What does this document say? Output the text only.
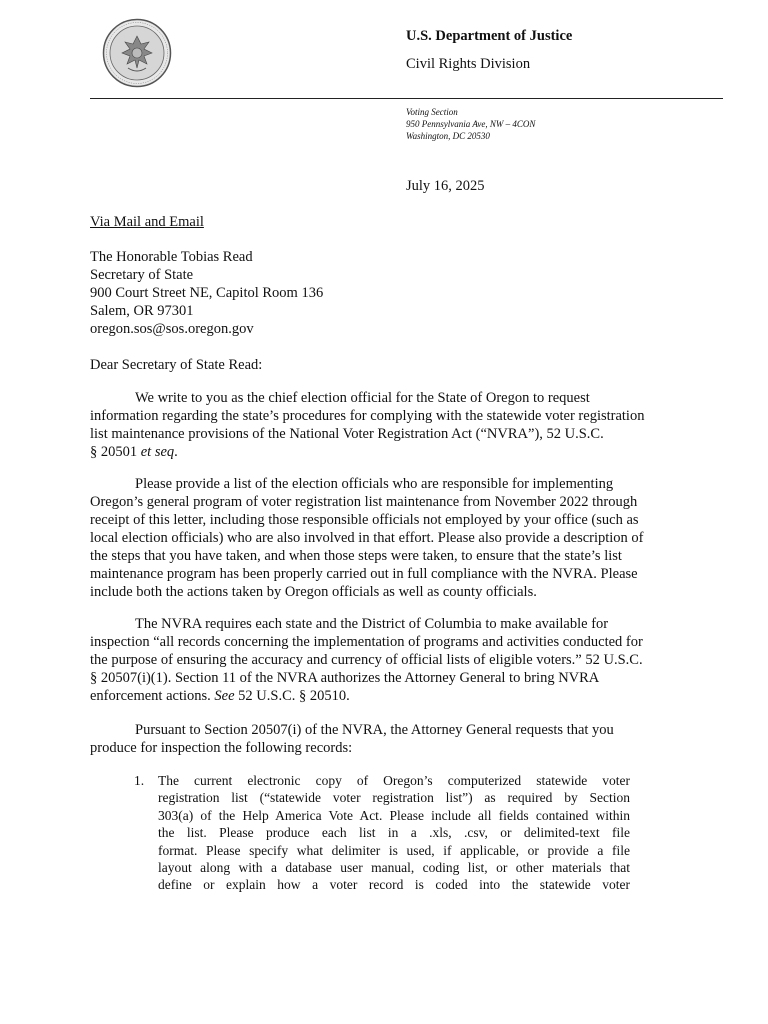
U.S. Department of Justice
Civil Rights Division
Voting Section
950 Pennsylvania Ave, NW – 4CON
Washington, DC 20530
July 16, 2025
Via Mail and Email
The Honorable Tobias Read
Secretary of State
900 Court Street NE, Capitol Room 136
Salem, OR 97301
oregon.sos@sos.oregon.gov
Dear Secretary of State Read:
We write to you as the chief election official for the State of Oregon to request
information regarding the state’s procedures for complying with the statewide voter registration
list maintenance provisions of the National Voter Registration Act (“NVRA”), 52 U.S.C.
§ 20501 et seq.
Please provide a list of the election officials who are responsible for implementing
Oregon’s general program of voter registration list maintenance from November 2022 through
receipt of this letter, including those responsible officials not employed by your office (such as
local election officials) who are also involved in that effort. Please also provide a description of
the steps that you have taken, and when those steps were taken, to ensure that the state’s list
maintenance program has been properly carried out in full compliance with the NVRA. Please
include both the actions taken by Oregon officials as well as county officials.
The NVRA requires each state and the District of Columbia to make available for
inspection “all records concerning the implementation of programs and activities conducted for
the purpose of ensuring the accuracy and currency of official lists of eligible voters.” 52 U.S.C.
§ 20507(i)(1). Section 11 of the NVRA authorizes the Attorney General to bring NVRA
enforcement actions. See 52 U.S.C. § 20510.
Pursuant to Section 20507(i) of the NVRA, the Attorney General requests that you
produce for inspection the following records:
1. The current electronic copy of Oregon’s computerized statewide voter
registration list (“statewide voter registration list”) as required by Section
303(a) of the Help America Vote Act. Please include all fields contained within
the list. Please produce each list in a .xls, .csv, or delimited-text file
format. Please specify what delimiter is used, if applicable, or provide a file
layout along with a database user manual, coding list, or other materials that
define or explain how a voter record is coded into the statewide voter
